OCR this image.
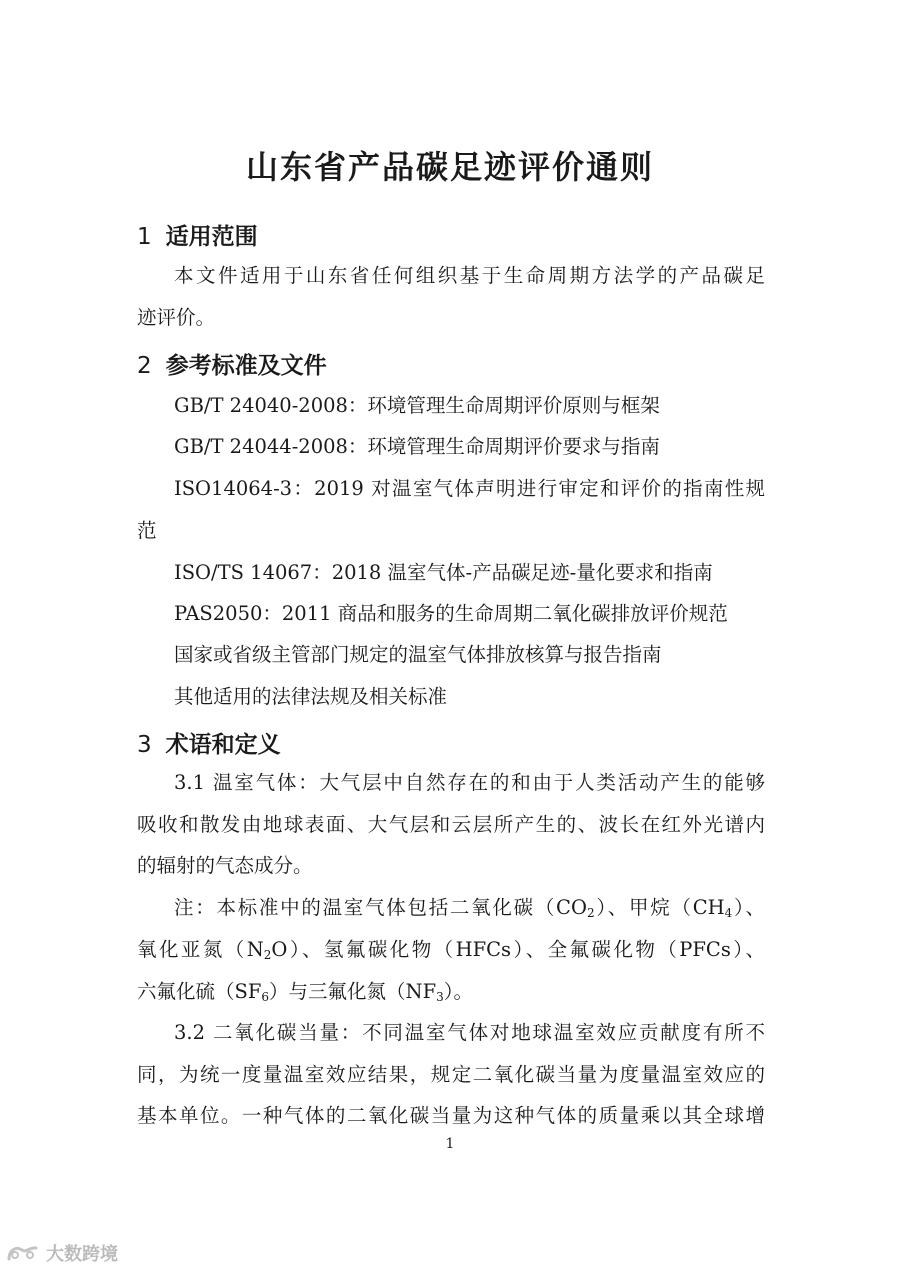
山东省产品碳足迹评价通则
1 适用范围
本文件适用于山东省任何组织基于生命周期方法学的产品碳足
迹评价。
2 参考标准及文件
GB/T 24040-2008：环境管理生命周期评价原则与框架
GB/T 24044-2008：环境管理生命周期评价要求与指南
ISO14064-3：2019 对温室气体声明进行审定和评价的指南性规
范
ISO/TS 14067：2018 温室气体-产品碳足迹-量化要求和指南
PAS2050：2011 商品和服务的生命周期二氧化碳排放评价规范
国家或省级主管部门规定的温室气体排放核算与报告指南
其他适用的法律法规及相关标准
3 术语和定义
3.1 温室气体：大气层中自然存在的和由于人类活动产生的能够
吸收和散发由地球表面、大气层和云层所产生的、波长在红外光谱内
的辐射的气态成分。
注：本标准中的温室气体包括二氧化碳$(CO_2)$、甲烷$(CH_4)$、
氧化亚氮$(N_2O)$、氢氟碳化物（HFCs）、全氟碳化物（PFCs）、
六氟化硫$(SF_6)$与三氟化氮$(NF_3)$。
3.2 二氧化碳当量：不同温室气体对地球温室效应贡献度有所不
同，为统一度量温室效应结果，规定二氧化碳当量为度量温室效应的
基本单位。一种气体的二氧化碳当量为这种气体的质量乘以其全球增
1
大数跨境
